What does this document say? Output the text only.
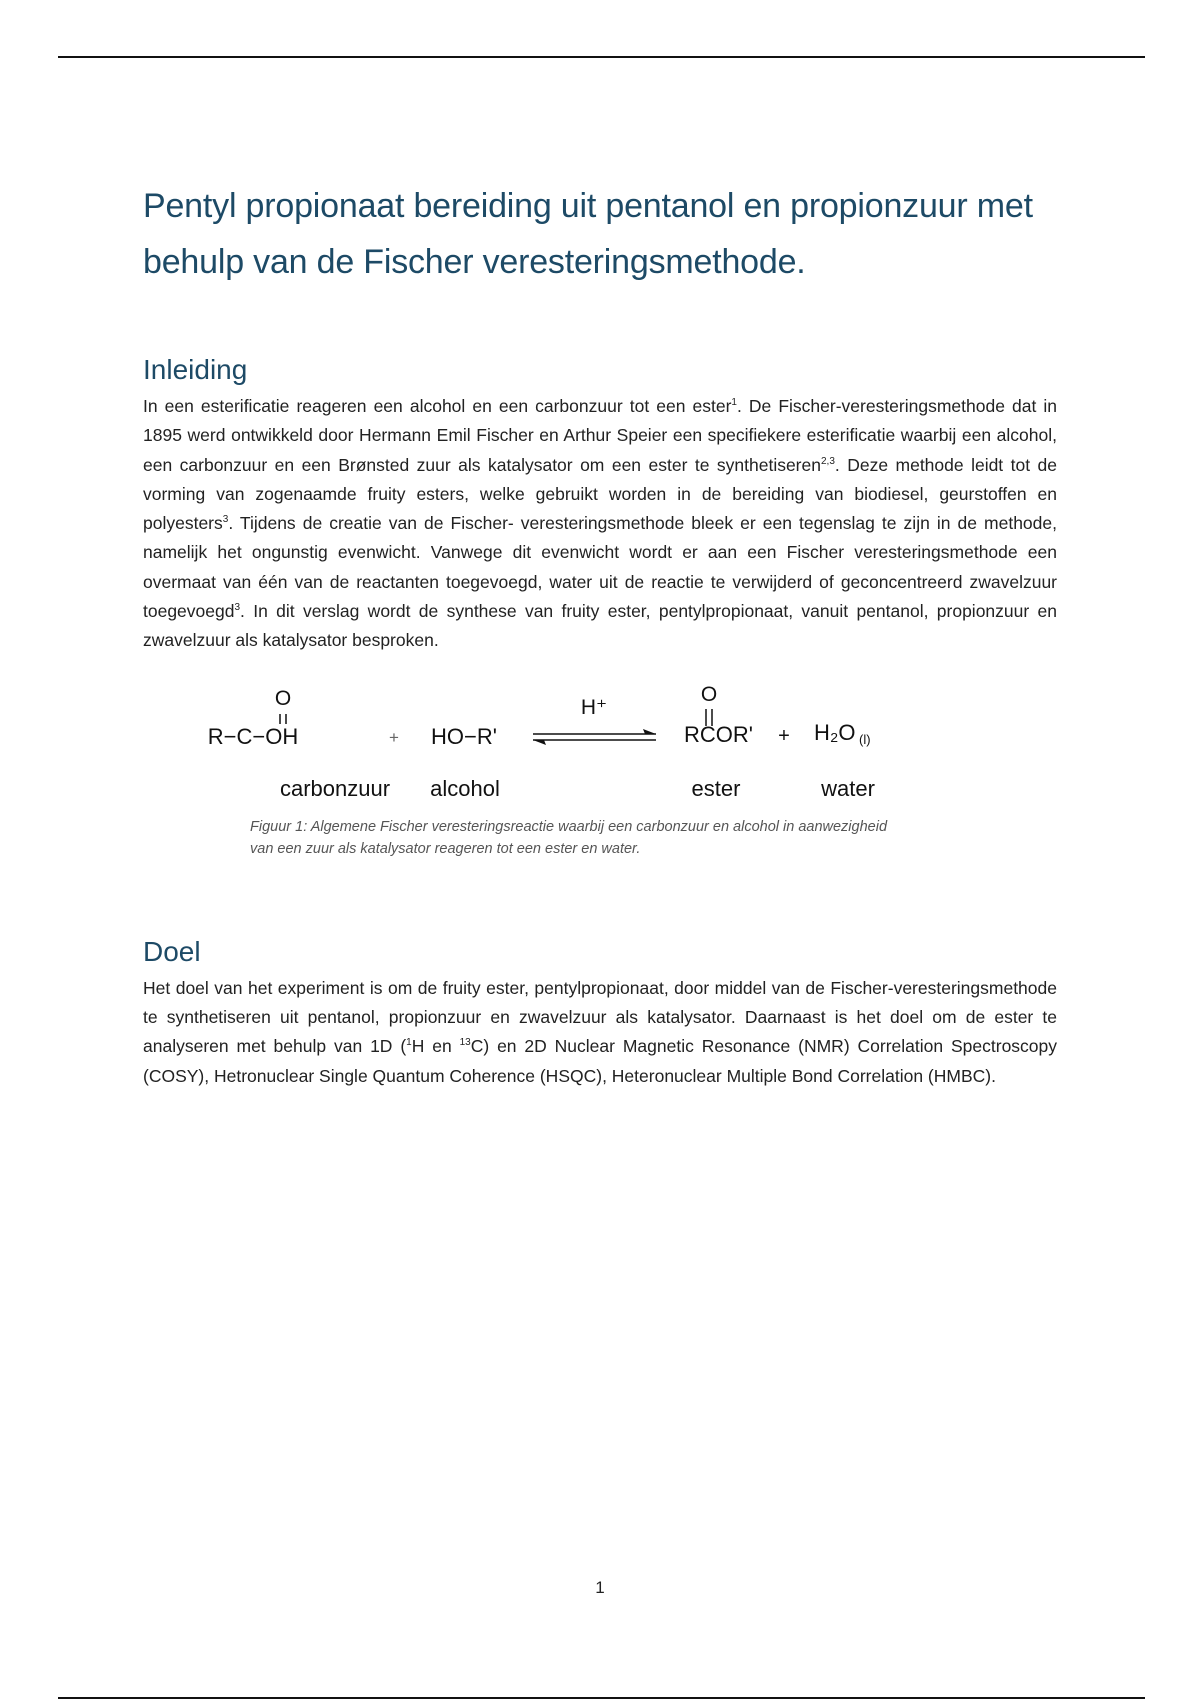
Pentyl propionaat bereiding uit pentanol en propionzuur met behulp van de Fischer veresteringsmethode.
Inleiding

In een esterificatie reageren een alcohol en een carbonzuur tot een ester$^1$. De Fischer-veresteringsmethode dat in 1895 werd ontwikkeld door Hermann Emil Fischer en Arthur Speier een specifiekere esterificatie waarbij een alcohol, een carbonzuur en een Brønsted zuur als katalysator om een ester te synthetiseren$^{2,3}$. Deze methode leidt tot de vorming van zogenaamde fruity esters, welke gebruikt worden in de bereiding van biodiesel, geurstoffen en polyesters$^3$. Tijdens de creatie van de Fischer- veresteringsmethode bleek er een tegenslag te zijn in de methode, namelijk het ongunstig evenwicht. Vanwege dit evenwicht wordt er aan een Fischer veresteringsmethode een overmaat van één van de reactanten toegevoegd, water uit de reactie te verwijderd of geconcentreerd zwavelzuur toegevoegd$^3$. In dit verslag wordt de synthese van fruity ester, pentylpropionaat, vanuit pentanol, propionzuur en zwavelzuur als katalysator besproken.

O
R−C−OH	+ HO−R'
H⁺
O
RCOR' + H₂O (l)
carbonzuur alcohol	ester	water
Figuur 1: Algemene Fischer veresteringsreactie waarbij een carbonzuur en alcohol in aanwezigheid van een zuur als katalysator reageren tot een ester en water.
Doel

Het doel van het experiment is om de fruity ester, pentylpropionaat, door middel van de Fischer-veresteringsmethode te synthetiseren uit pentanol, propionzuur en zwavelzuur als katalysator. Daarnaast is het doel om de ester te analyseren met behulp van 1D ($^1$H en $^{13}$C) en 2D Nuclear Magnetic Resonance (NMR) Correlation Spectroscopy (COSY), Hetronuclear Single Quantum Coherence (HSQC), Heteronuclear Multiple Bond Correlation (HMBC).

1
